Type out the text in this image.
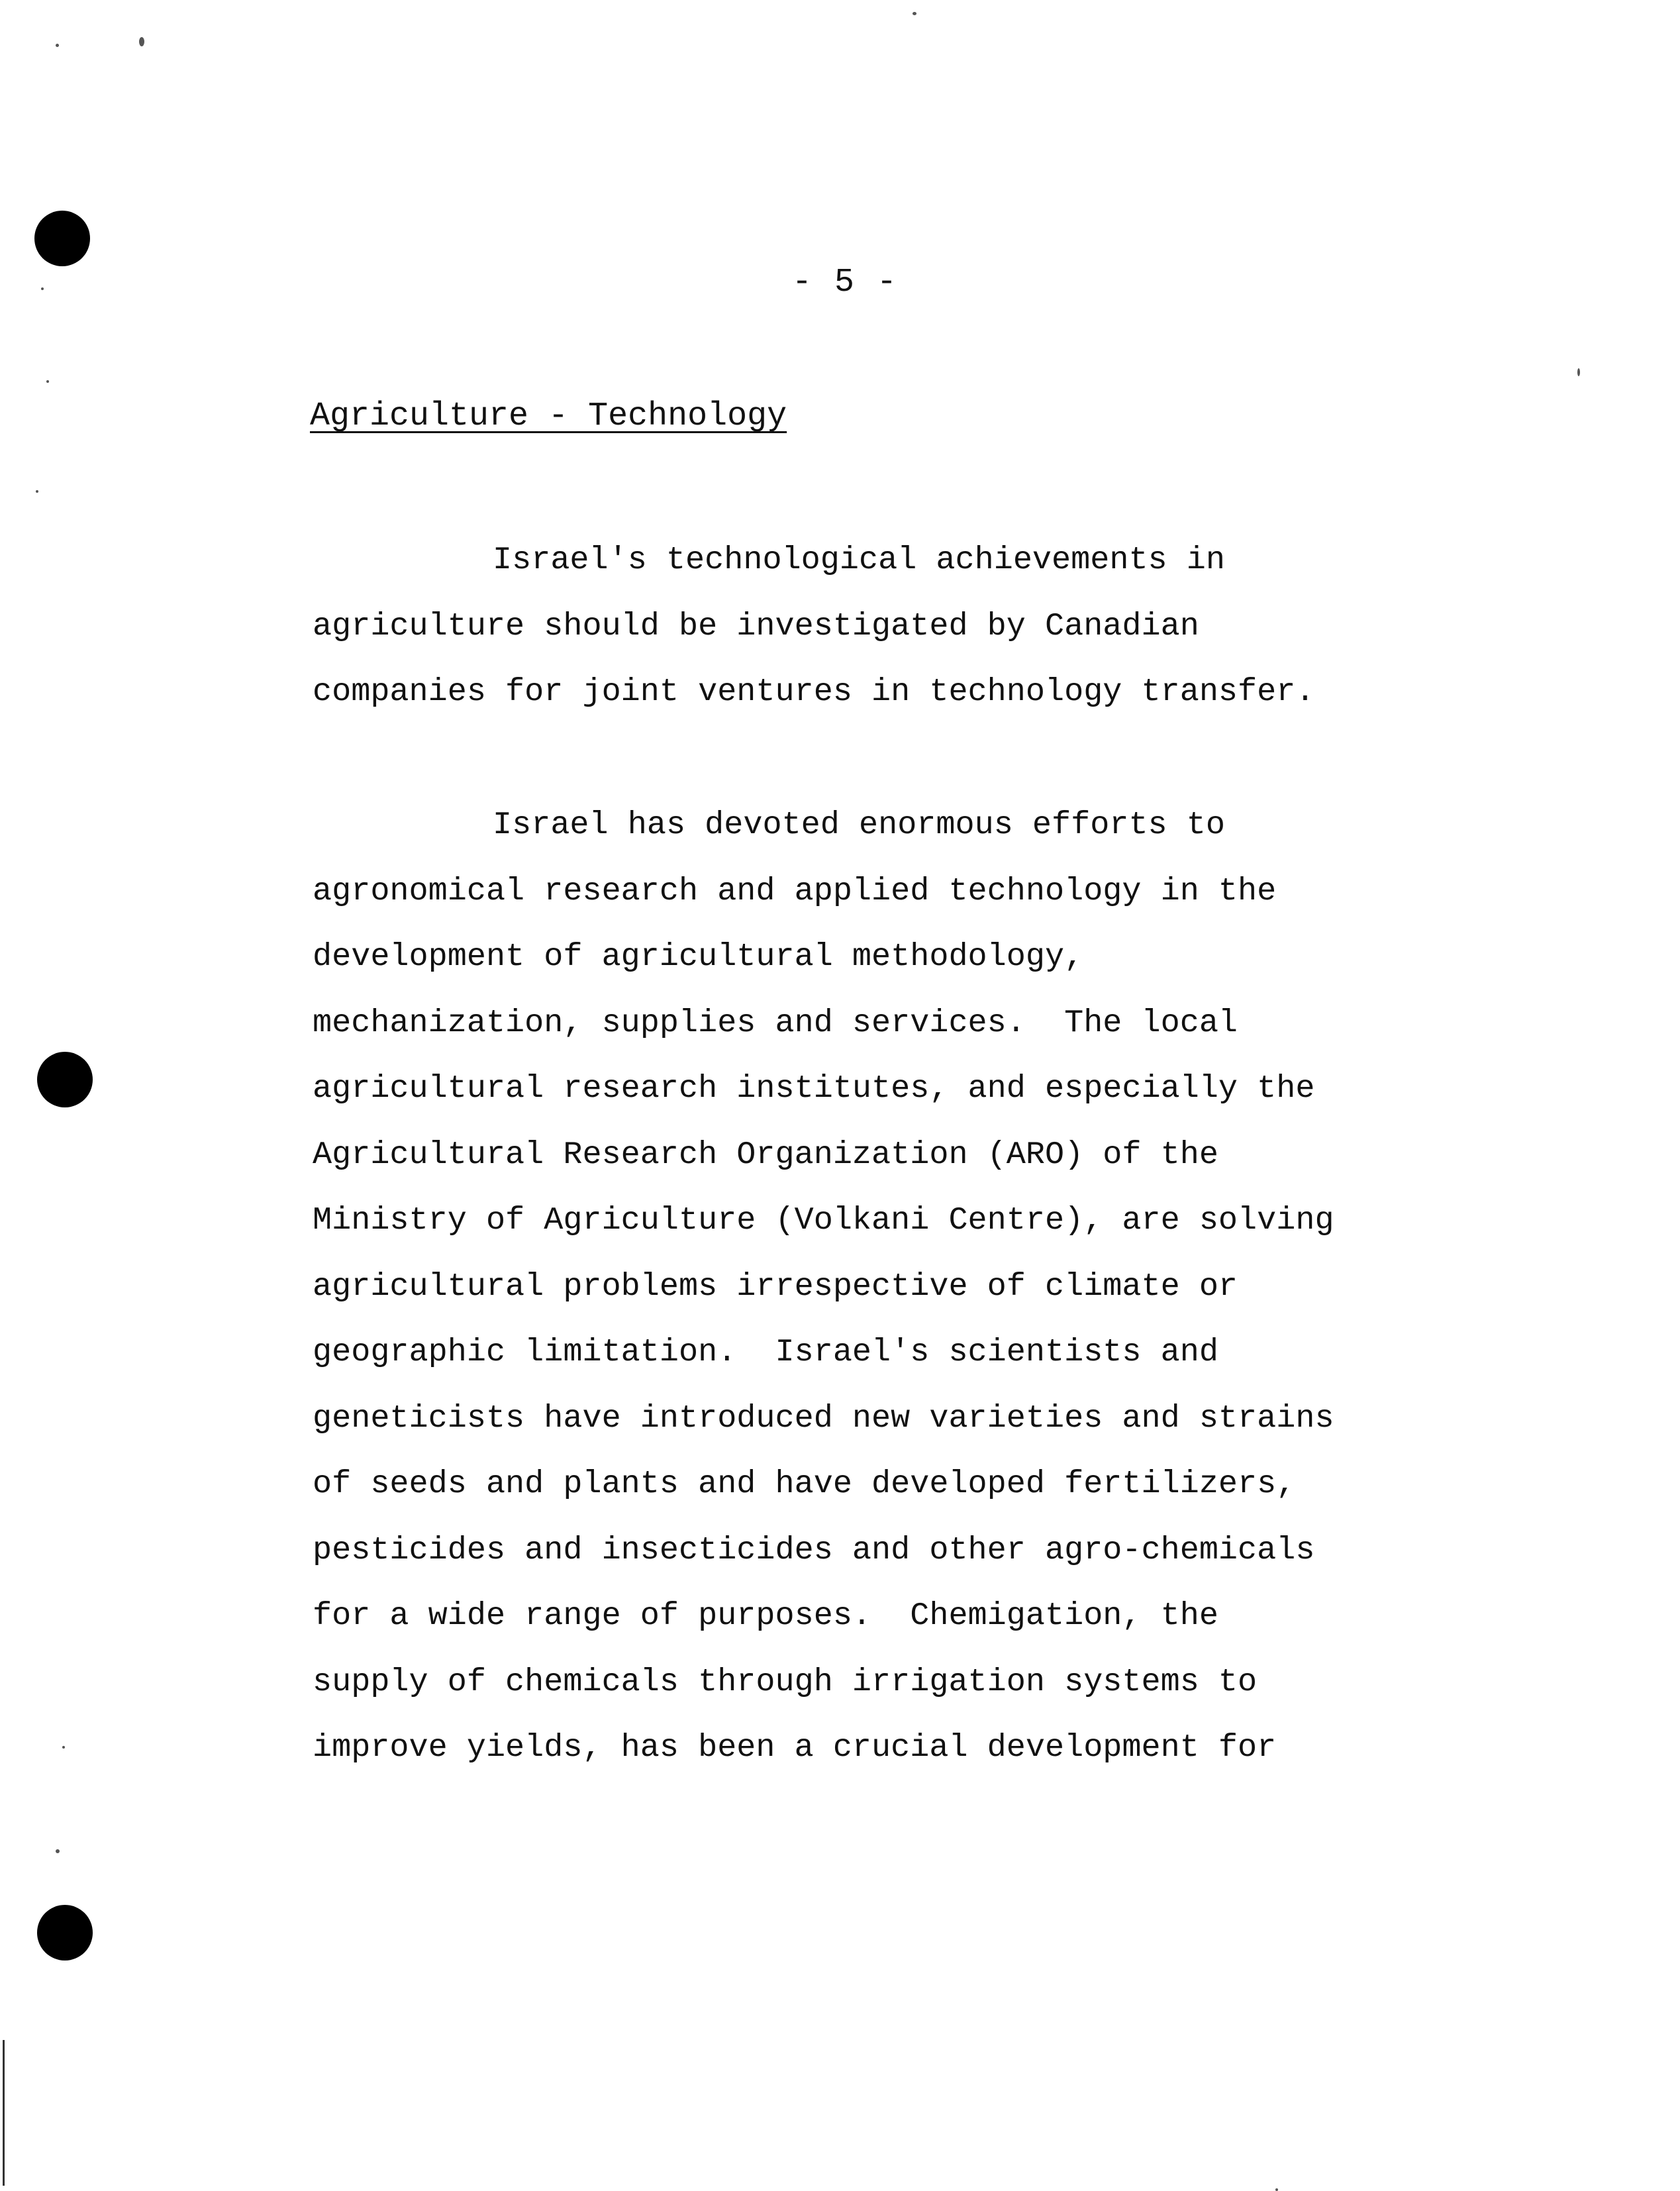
- 5 -
Agriculture - Technology
Israel's technological achievements in
agriculture should be investigated by Canadian
companies for joint ventures in technology transfer.
Israel has devoted enormous efforts to
agronomical research and applied technology in the
development of agricultural methodology,
mechanization, supplies and services.  The local
agricultural research institutes, and especially the
Agricultural Research Organization (ARO) of the
Ministry of Agriculture (Volkani Centre), are solving
agricultural problems irrespective of climate or
geographic limitation.  Israel's scientists and
geneticists have introduced new varieties and strains
of seeds and plants and have developed fertilizers,
pesticides and insecticides and other agro-chemicals
for a wide range of purposes.  Chemigation, the
supply of chemicals through irrigation systems to
improve yields, has been a crucial development for
